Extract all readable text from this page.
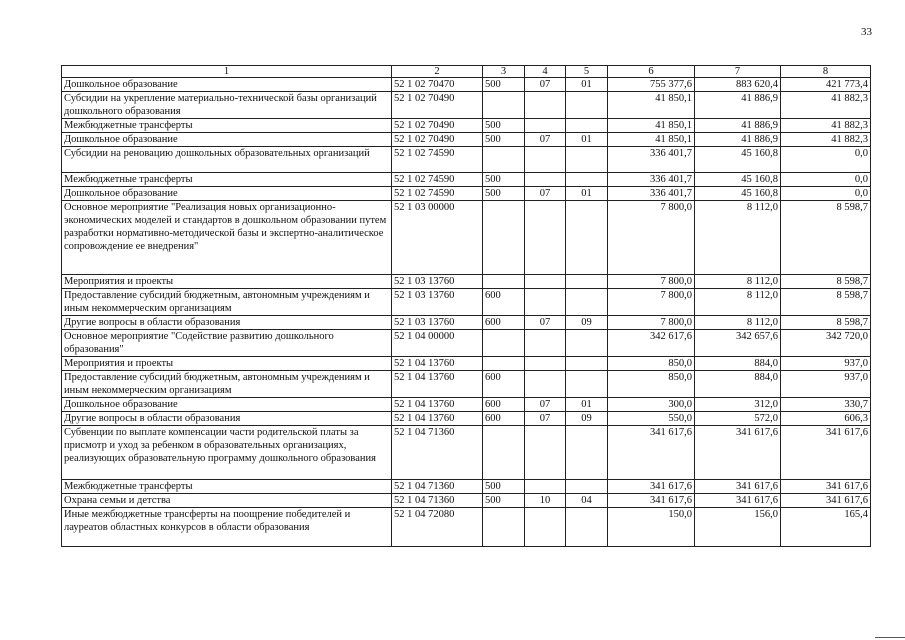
33
1	2	3	4	5	6	7	8
Дошкольное образование	52 1 02 70470	500	07	01	755 377,6	883 620,4	421 773,4
Субсидии на укрепление материально-технической базы организаций дошкольного образования	52 1 02 70490				41 850,1	41 886,9	41 882,3
Межбюджетные трансферты	52 1 02 70490	500			41 850,1	41 886,9	41 882,3
Дошкольное образование	52 1 02 70490	500	07	01	41 850,1	41 886,9	41 882,3
Субсидии на реновацию дошкольных образовательных организаций	52 1 02 74590				336 401,7	45 160,8	0,0
Межбюджетные трансферты	52 1 02 74590	500			336 401,7	45 160,8	0,0
Дошкольное образование	52 1 02 74590	500	07	01	336 401,7	45 160,8	0,0
Основное мероприятие "Реализация новых организационно-экономических моделей и стандартов в дошкольном образовании путем разработки нормативно-методической базы и экспертно-аналитическое сопровождение ее внедрения"	52 1 03 00000				7 800,0	8 112,0	8 598,7
Мероприятия и проекты	52 1 03 13760				7 800,0	8 112,0	8 598,7
Предоставление субсидий бюджетным, автономным учреждениям и иным некоммерческим организациям	52 1 03 13760	600			7 800,0	8 112,0	8 598,7
Другие вопросы в области образования	52 1 03 13760	600	07	09	7 800,0	8 112,0	8 598,7
Основное мероприятие "Содействие развитию дошкольного образования"	52 1 04 00000				342 617,6	342 657,6	342 720,0
Мероприятия и проекты	52 1 04 13760				850,0	884,0	937,0
Предоставление субсидий бюджетным, автономным учреждениям и иным некоммерческим организациям	52 1 04 13760	600			850,0	884,0	937,0
Дошкольное образование	52 1 04 13760	600	07	01	300,0	312,0	330,7
Другие вопросы в области образования	52 1 04 13760	600	07	09	550,0	572,0	606,3
Субвенции по выплате компенсации части родительской платы за присмотр и уход за ребенком в образовательных организациях, реализующих образовательную программу дошкольного образования	52 1 04 71360				341 617,6	341 617,6	341 617,6
Межбюджетные трансферты	52 1 04 71360	500			341 617,6	341 617,6	341 617,6
Охрана семьи и детства	52 1 04 71360	500	10	04	341 617,6	341 617,6	341 617,6
Иные межбюджетные трансферты на поощрение победителей и лауреатов областных конкурсов в области образования	52 1 04 72080				150,0	156,0	165,4
